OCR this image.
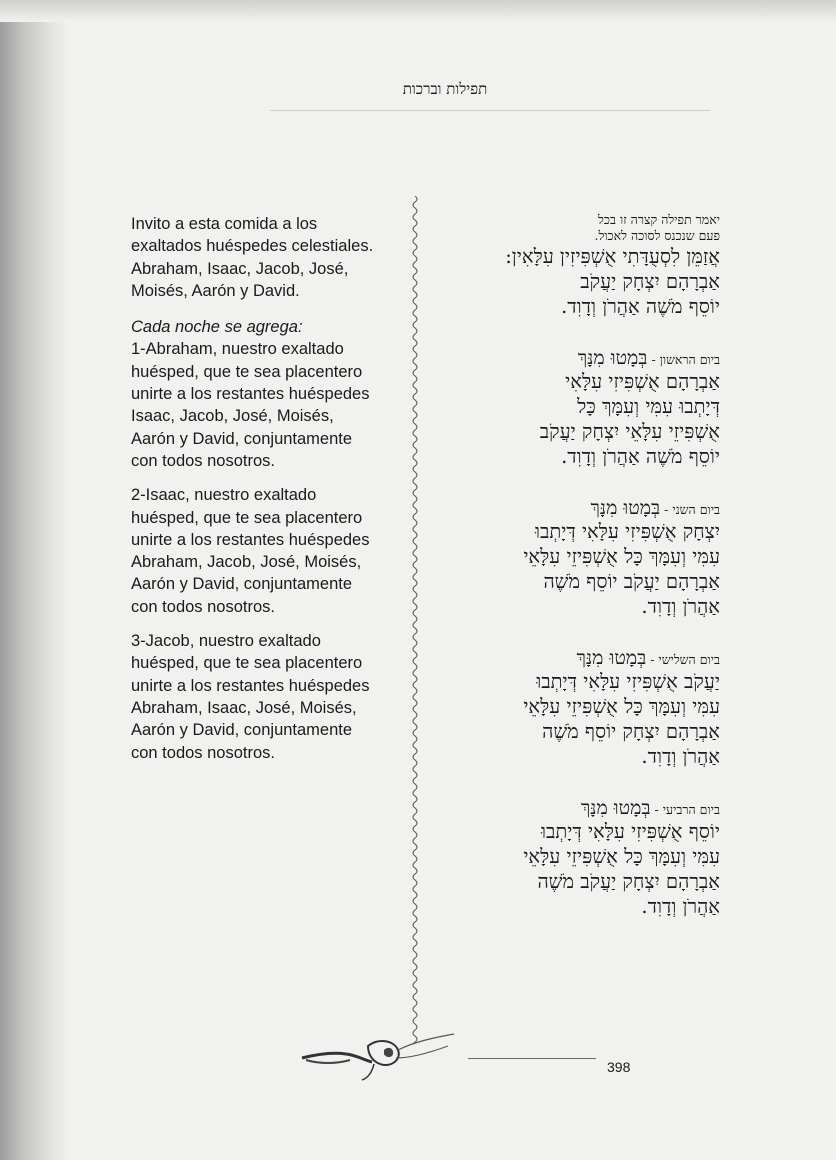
תפילות וברכות

Invito a esta comida a los exaltados huéspedes celestiales. Abraham, Isaac, Jacob, José, Moisés, Aarón y David.

Cada noche se agrega:

1-Abraham, nuestro exaltado huésped, que te sea placentero unirte a los restantes huéspedes Isaac, Jacob, José, Moisés, Aarón y David, conjuntamente con todos nosotros.

2-Isaac, nuestro exaltado huésped, que te sea placentero unirte a los restantes huéspedes Abraham, Jacob, José, Moisés, Aarón y David, conjuntamente con todos nosotros.

3-Jacob, nuestro exaltado huésped, que te sea placentero unirte a los restantes huéspedes Abraham, Isaac, José, Moisés, Aarón y David, conjuntamente con todos nosotros.

יאמר תפילה קצרה זו בכל
פעם שנכנס לסוכה לאכול.
אֲזַמֵּן לִסְעֻדָּתִי אֻשְׁפִּיזִין עִלָּאִין:
אַבְרָהָם יִצְחָק יַעֲקֹב
יוֹסֵף מֹשֶׁה אַהֲרֹן וְדָוִד.
ביום הראשון - בְּמָטוּ מִנָּךְ
אַבְרָהָם אֻשְׁפִּיזִי עִלָּאִי
דְּיָתְבוּ עִמִּי וְעִמָּךְ כָּל
אֻשְׁפִּיזֵי עִלָּאֵי יִצְחָק יַעֲקֹב
יוֹסֵף מֹשֶׁה אַהֲרֹן וְדָוִד.
ביום השני - בְּמָטוּ מִנָּךְ
יִצְחָק אֻשְׁפִּיזִי עִלָּאִי דְּיָתְבוּ
עִמִּי וְעִמָּךְ כָּל אֻשְׁפִּיזֵי עִלָּאֵי
אַבְרָהָם יַעֲקֹב יוֹסֵף מֹשֶׁה
אַהֲרֹן וְדָוִד.
ביום השלישי - בְּמָטוּ מִנָּךְ
יַעֲקֹב אֻשְׁפִּיזִי עִלָּאִי דְּיָתְבוּ
עִמִּי וְעִמָּךְ כָּל אֻשְׁפִּיזֵי עִלָּאֵי
אַבְרָהָם יִצְחָק יוֹסֵף מֹשֶׁה
אַהֲרֹן וְדָוִד.
ביום הרביעי - בְּמָטוּ מִנָּךְ
יוֹסֵף אֻשְׁפִּיזִי עִלָּאִי דְּיָתְבוּ
עִמִּי וְעִמָּךְ כָּל אֻשְׁפִּיזֵי עִלָּאֵי
אַבְרָהָם יִצְחָק יַעֲקֹב מֹשֶׁה
אַהֲרֹן וְדָוִד.
398
